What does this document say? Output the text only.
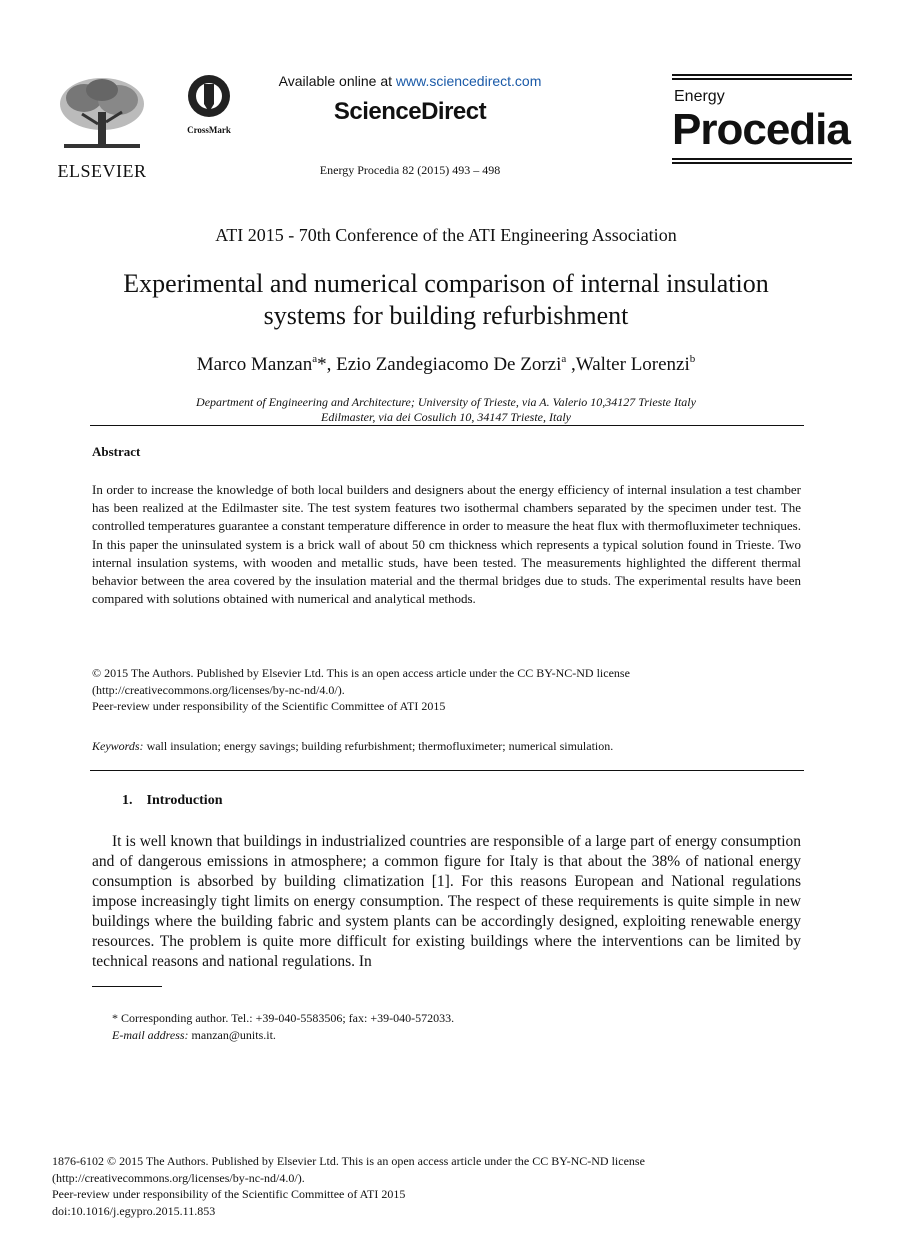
ELSEVIER
CrossMark
Available online at www.sciencedirect.com
ScienceDirect
Energy Procedia 82 (2015) 493 – 498
Energy
Procedia
ATI 2015 - 70th Conference of the ATI Engineering Association
Experimental and numerical comparison of internal insulation
systems for building refurbishment
Marco Manzan$^a$*, Ezio Zandegiacomo De Zorzi$^a$ ,Walter Lorenzi$^b$
Department of Engineering and Architecture; University of Trieste, via A. Valerio 10,34127 Trieste Italy
Edilmaster, via dei Cosulich 10, 34147 Trieste, Italy
Abstract
In order to increase the knowledge of both local builders and designers about the energy efficiency of internal insulation a test chamber has been realized at the Edilmaster site. The test system features two isothermal chambers separated by the specimen under test. The controlled temperatures guarantee a constant temperature difference in order to measure the heat flux with thermofluximeter techniques. In this paper the uninsulated system is a brick wall of about 50 cm thickness which represents a typical solution found in Trieste. Two internal insulation systems, with wooden and metallic studs, have been tested. The measurements highlighted the different thermal behavior between the area covered by the insulation material and the thermal bridges due to studs. The experimental results have been compared with solutions obtained with numerical and analytical methods.
© 2015 The Authors. Published by Elsevier Ltd. This is an open access article under the CC BY-NC-ND license
(http://creativecommons.org/licenses/by-nc-nd/4.0/).
Peer-review under responsibility of the Scientific Committee of ATI 2015
Keywords: wall insulation; energy savings; building refurbishment; thermofluximeter; numerical simulation.
1. Introduction
It is well known that buildings in industrialized countries are responsible of a large part of energy consumption and of dangerous emissions in atmosphere; a common figure for Italy is that about the 38% of national energy consumption is absorbed by building climatization [1]. For this reasons European and National regulations impose increasingly tight limits on energy consumption. The respect of these requirements is quite simple in new buildings where the building fabric and system plants can be accordingly designed, exploiting renewable energy resources. The problem is quite more difficult for existing buildings where the interventions can be limited by technical reasons and national regulations. In
* Corresponding author. Tel.: +39-040-5583506; fax: +39-040-572033.
E-mail address: manzan@units.it.
1876-6102 © 2015 The Authors. Published by Elsevier Ltd. This is an open access article under the CC BY-NC-ND license
(http://creativecommons.org/licenses/by-nc-nd/4.0/).
Peer-review under responsibility of the Scientific Committee of ATI 2015
doi:10.1016/j.egypro.2015.11.853
